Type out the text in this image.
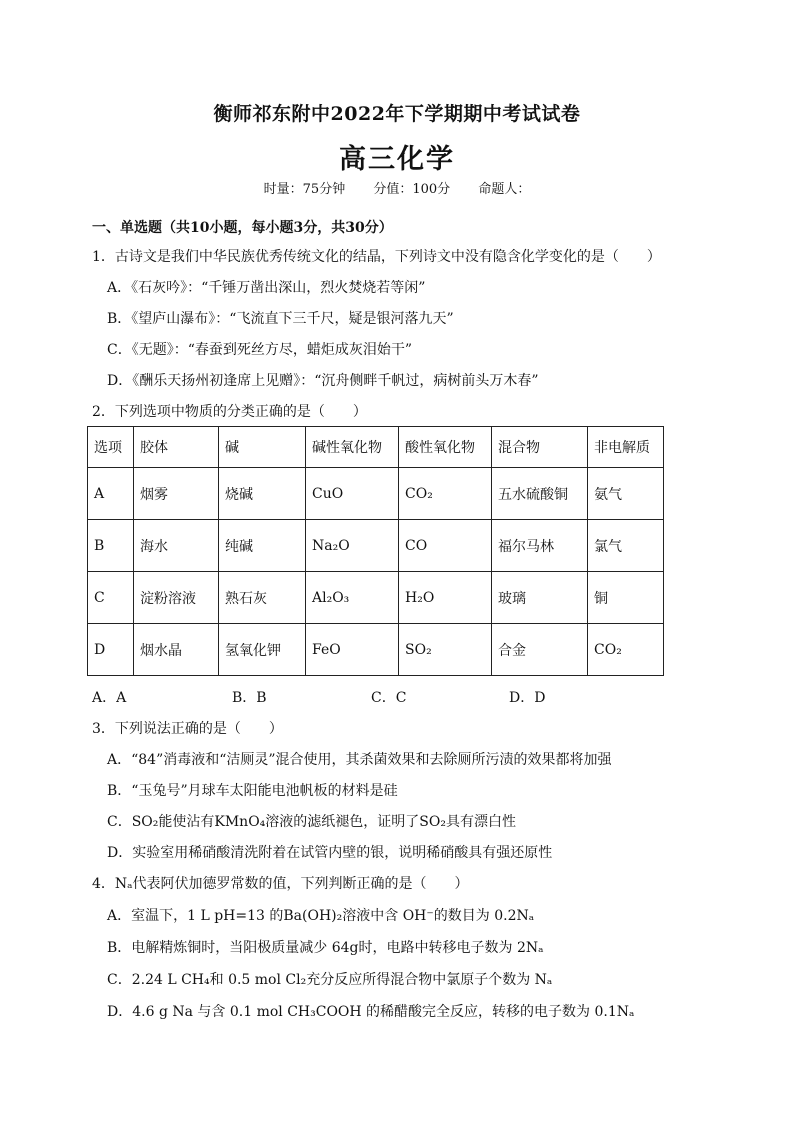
衡师祁东附中2022年下学期期中考试试卷
高三化学
时量：75分钟 分值：100分 命题人：
一、单选题（共10小题，每小题3分，共30分）
1．古诗文是我们中华民族优秀传统文化的结晶，下列诗文中没有隐含化学变化的是（　　）
A．《石灰吟》：“千锤万凿出深山，烈火焚烧若等闲”
B．《望庐山瀑布》：“飞流直下三千尺，疑是银河落九天”
C．《无题》：“春蚕到死丝方尽，蜡炬成灰泪始干”
D．《酬乐天扬州初逢席上见赠》：“沉舟侧畔千帆过，病树前头万木春”
2．下列选项中物质的分类正确的是（　　）
选项	胶体	碱	碱性氧化物	酸性氧化物	混合物	非电解质
A	烟雾	烧碱	CuO	CO₂	五水硫酸铜	氨气
B	海水	纯碱	Na₂O	CO	福尔马林	氯气
C	淀粉溶液	熟石灰	Al₂O₃	H₂O	玻璃	铜
D	烟水晶	氢氧化钾	FeO	SO₂	合金	CO₂
A．A	B．B	C．C	D．D
3．下列说法正确的是（　　）
A．“84”消毒液和“洁厕灵”混合使用，其杀菌效果和去除厕所污渍的效果都将加强
B．“玉兔号”月球车太阳能电池帆板的材料是硅
C．SO₂能使沾有KMnO₄溶液的滤纸褪色，证明了SO₂具有漂白性
D．实验室用稀硝酸清洗附着在试管内壁的银，说明稀硝酸具有强还原性
4．Nₐ代表阿伏加德罗常数的值，下列判断正确的是（　　）
A．室温下，1 L pH=13 的Ba(OH)₂溶液中含 OH⁻的数目为 0.2Nₐ
B．电解精炼铜时，当阳极质量减少 64g时，电路中转移电子数为 2Nₐ
C．2.24 L CH₄和 0.5 mol Cl₂充分反应所得混合物中氯原子个数为 Nₐ
D．4.6 g Na 与含 0.1 mol CH₃COOH 的稀醋酸完全反应，转移的电子数为 0.1Nₐ
